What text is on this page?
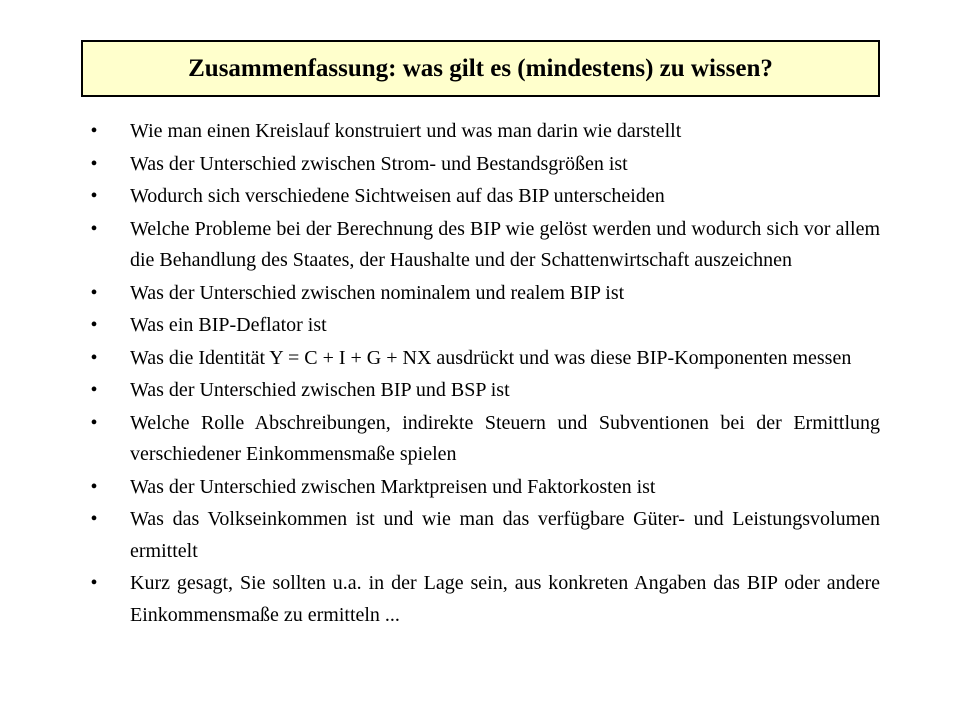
Zusammenfassung: was gilt es (mindestens) zu wissen?
• Wie man einen Kreislauf konstruiert und was man darin wie darstellt
• Was der Unterschied zwischen Strom- und Bestandsgrößen ist
• Wodurch sich verschiedene Sichtweisen auf das BIP unterscheiden
• Welche Probleme bei der Berechnung des BIP wie gelöst werden und wodurch sich vor allem die Behandlung des Staates, der Haushalte und der Schattenwirtschaft auszeichnen
• Was der Unterschied zwischen nominalem und realem BIP ist
• Was ein BIP-Deflator ist
• Was die Identität Y = C + I + G + NX ausdrückt und was diese BIP-Komponenten messen
• Was der Unterschied zwischen BIP und BSP ist
• Welche Rolle Abschreibungen, indirekte Steuern und Subventionen bei der Ermittlung verschiedener Einkommensmaße spielen
• Was der Unterschied zwischen Marktpreisen und Faktorkosten ist
• Was das Volkseinkommen ist und wie man das verfügbare Güter- und Leistungsvolumen ermittelt
• Kurz gesagt, Sie sollten u.a. in der Lage sein, aus konkreten Angaben das BIP oder andere Einkommensmaße zu ermitteln ...
